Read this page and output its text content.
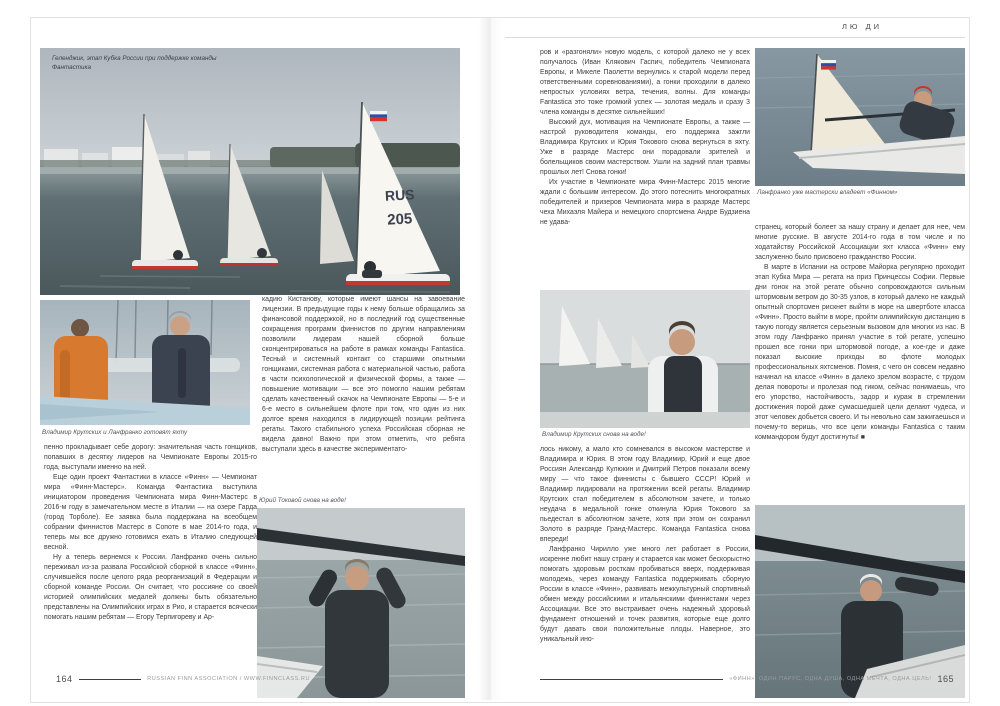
RUS
205
Геленджик, этап Кубка России при поддержке команды
Фантастика
Владимир Крутских и Ланфранко готовят яхту

пенно прокладывает себе дорогу: значительная часть гонщиков, попавших в десятку лидеров на Чемпионате Европы 2015-го года, выступали именно на ней.

Еще один проект Фантастики в классе «Финн» — Чемпионат мира «Финн-Мастерс». Команда Фантастика выступила инициатором проведения Чемпионата мира Финн-Мастерс в 2016-м году в замечательном месте в Италии — на озере Гарда (город Торболе). Ее заявка была поддержана на всеобщем собрании финнистов Мастерс в Сопоте в мае 2014-го года, и теперь мы все дружно готовимся ехать в Италию следующей весной.

Ну а теперь вернемся к России. Ланфранко очень сильно переживал из-за развала Российской сборной в классе «Финн», случившейся после целого ряда реорганизаций в Федерации и сборной команде России. Он считает, что россияне со своей историей олимпийских медалей должны быть обязательно представлены на Олимпийских играх в Рио, и старается всячески помогать нашим ребятам — Егору Терпигореву и Ар-

кадию Кистанову, которые имеют шансы на завоевание лицензии. В предыдущие годы к нему больше обращались за финансовой поддержкой, но в последний год существенные сокращения программ финнистов по другим направлениям позволили лидерам нашей сборной больше сконцентрироваться на работе в рамках команды Fantastica. Тесный и системный контакт со старшими опытными гонщиками, системная работа с материальной частью, работа в части психологической и физической формы, а также — повышение мотивации — все это помогло нашим ребятам сделать качественный скачок на Чемпионате Европы — 5-е и 6-е место в сильнейшем флоте при том, что один из них долгое время находился в лидирующей позиции рейтинга регаты. Такого стабильного успеха Российская сборная не видела давно! Важно при этом отметить, что ребята выступали здесь в качестве экспериментато-

Юрий Токовой снова на воде!
164	RUSSIAN FINN ASSOCIATION / WWW.FINNCLASS.RU
ЛЮ ДИ

ров и «разгоняли» новую модель, с которой далеко не у всех получалось (Иван Клякович Гаспич, победитель Чемпионата Европы, и Микеле Паолетти вернулись к старой модели перед ответственными соревнованиями), а гонки проходили в далеко непростых условиях ветра, течения, волны. Для команды Fantastica это тоже громкий успех — золотая медаль и сразу 3 члена команды в десятке сильнейших!

Высокий дух, мотивация на Чемпионате Европы, а также — настрой руководителя команды, его поддержка зажгли Владимира Крутских и Юрия Токового снова вернуться в яхту. Уже в разряде Мастерс они порадовали зрителей и болельщиков своим мастерством. Ушли на задний план травмы прошлых лет! Снова гонки!

Их участие в Чемпионате мира Финн-Мастерс 2015 многие ждали с большим интересом. До этого потеснить многократных победителей и призеров Чемпионата мира в разряде Мастерс чеха Михаэля Майера и немецкого спортсмена Андре Будзиена не удава-

Владимир Крутских снова на воде!

лось никому, а мало кто сомневался в высоком мастерстве и Владимира и Юрия. В этом году Владимир, Юрий и еще двое Россиян Александр Кулюкин и Дмитрий Петров показали всему миру — что такое финнисты с бывшего СССР! Юрий и Владимир лидировали на протяжении всей регаты. Владимир Крутских стал победителем в абсолютном зачете, и только неудача в медальной гонке откинула Юрия Токового за пьедестал в абсолютном зачете, хотя при этом он сохранил Золото в разряде Гранд-Мастерс. Команда Fantastica снова впереди!

Ланфранко Чирилло уже много лет работает в России, искренне любит нашу страну и старается как может бескорыстно помогать здоровым росткам пробиваться вверх, поддерживая молодежь, через команду Fantastica поддерживать сборную России в классе «Финн», развивать межкультурный спортивный обмен между российскими и итальянскими финнистами через Ассоциации. Все это выстраивает очень надежный здоровый фундамент отношений и точек развития, которые еще долго будут давать свои положительные плоды. Наверное, это уникальный ино-

Ланфранко уже мастерски владеет «Финном»

странец, который болеет за нашу страну и делает для нее, чем многие русские. В августе 2014-го года в том числе и по ходатайству Российской Ассоциации яхт класса «Финн» ему заслуженно было присвоено гражданство России.

В марте в Испании на острове Майорка регулярно проходит этап Кубка Мира — регата на приз Принцессы Софии. Первые дни гонок на этой регате обычно сопровождаются сильным штормовым ветром до 30-35 узлов, в который далеко не каждый опытный спортсмен рискнет выйти в море на швертботе класса «Финн». Просто выйти в море, пройти олимпийскую дистанцию в такую погоду является серьезным вызовом для многих из нас. В этом году Ланфранко принял участие в той регате, успешно прошел все гонки при штормовой погоде, а кое-где и даже показал высокие приходы во флоте молодых профессиональных яхтсменов. Помня, с чего он совсем недавно начинал на классе «Финн» в далеко зрелом возрасте, с трудом делая повороты и пролезая под гиком, сейчас понимаешь, что его упорство, настойчивость, задор и кураж в стремлении достижения порой даже сумасшедшей цели делают чудеса, и этот человек добьется своего. И ты невольно сам зажигаешься и почему-то веришь, что все цели команды Fantastica с таким коммандором будут достигнуты! ■

«ФИНН»: ОДИН ПАРУС, ОДНА ДУША, ОДНА МЕЧТА, ОДНА ЦЕЛЬ! 165
